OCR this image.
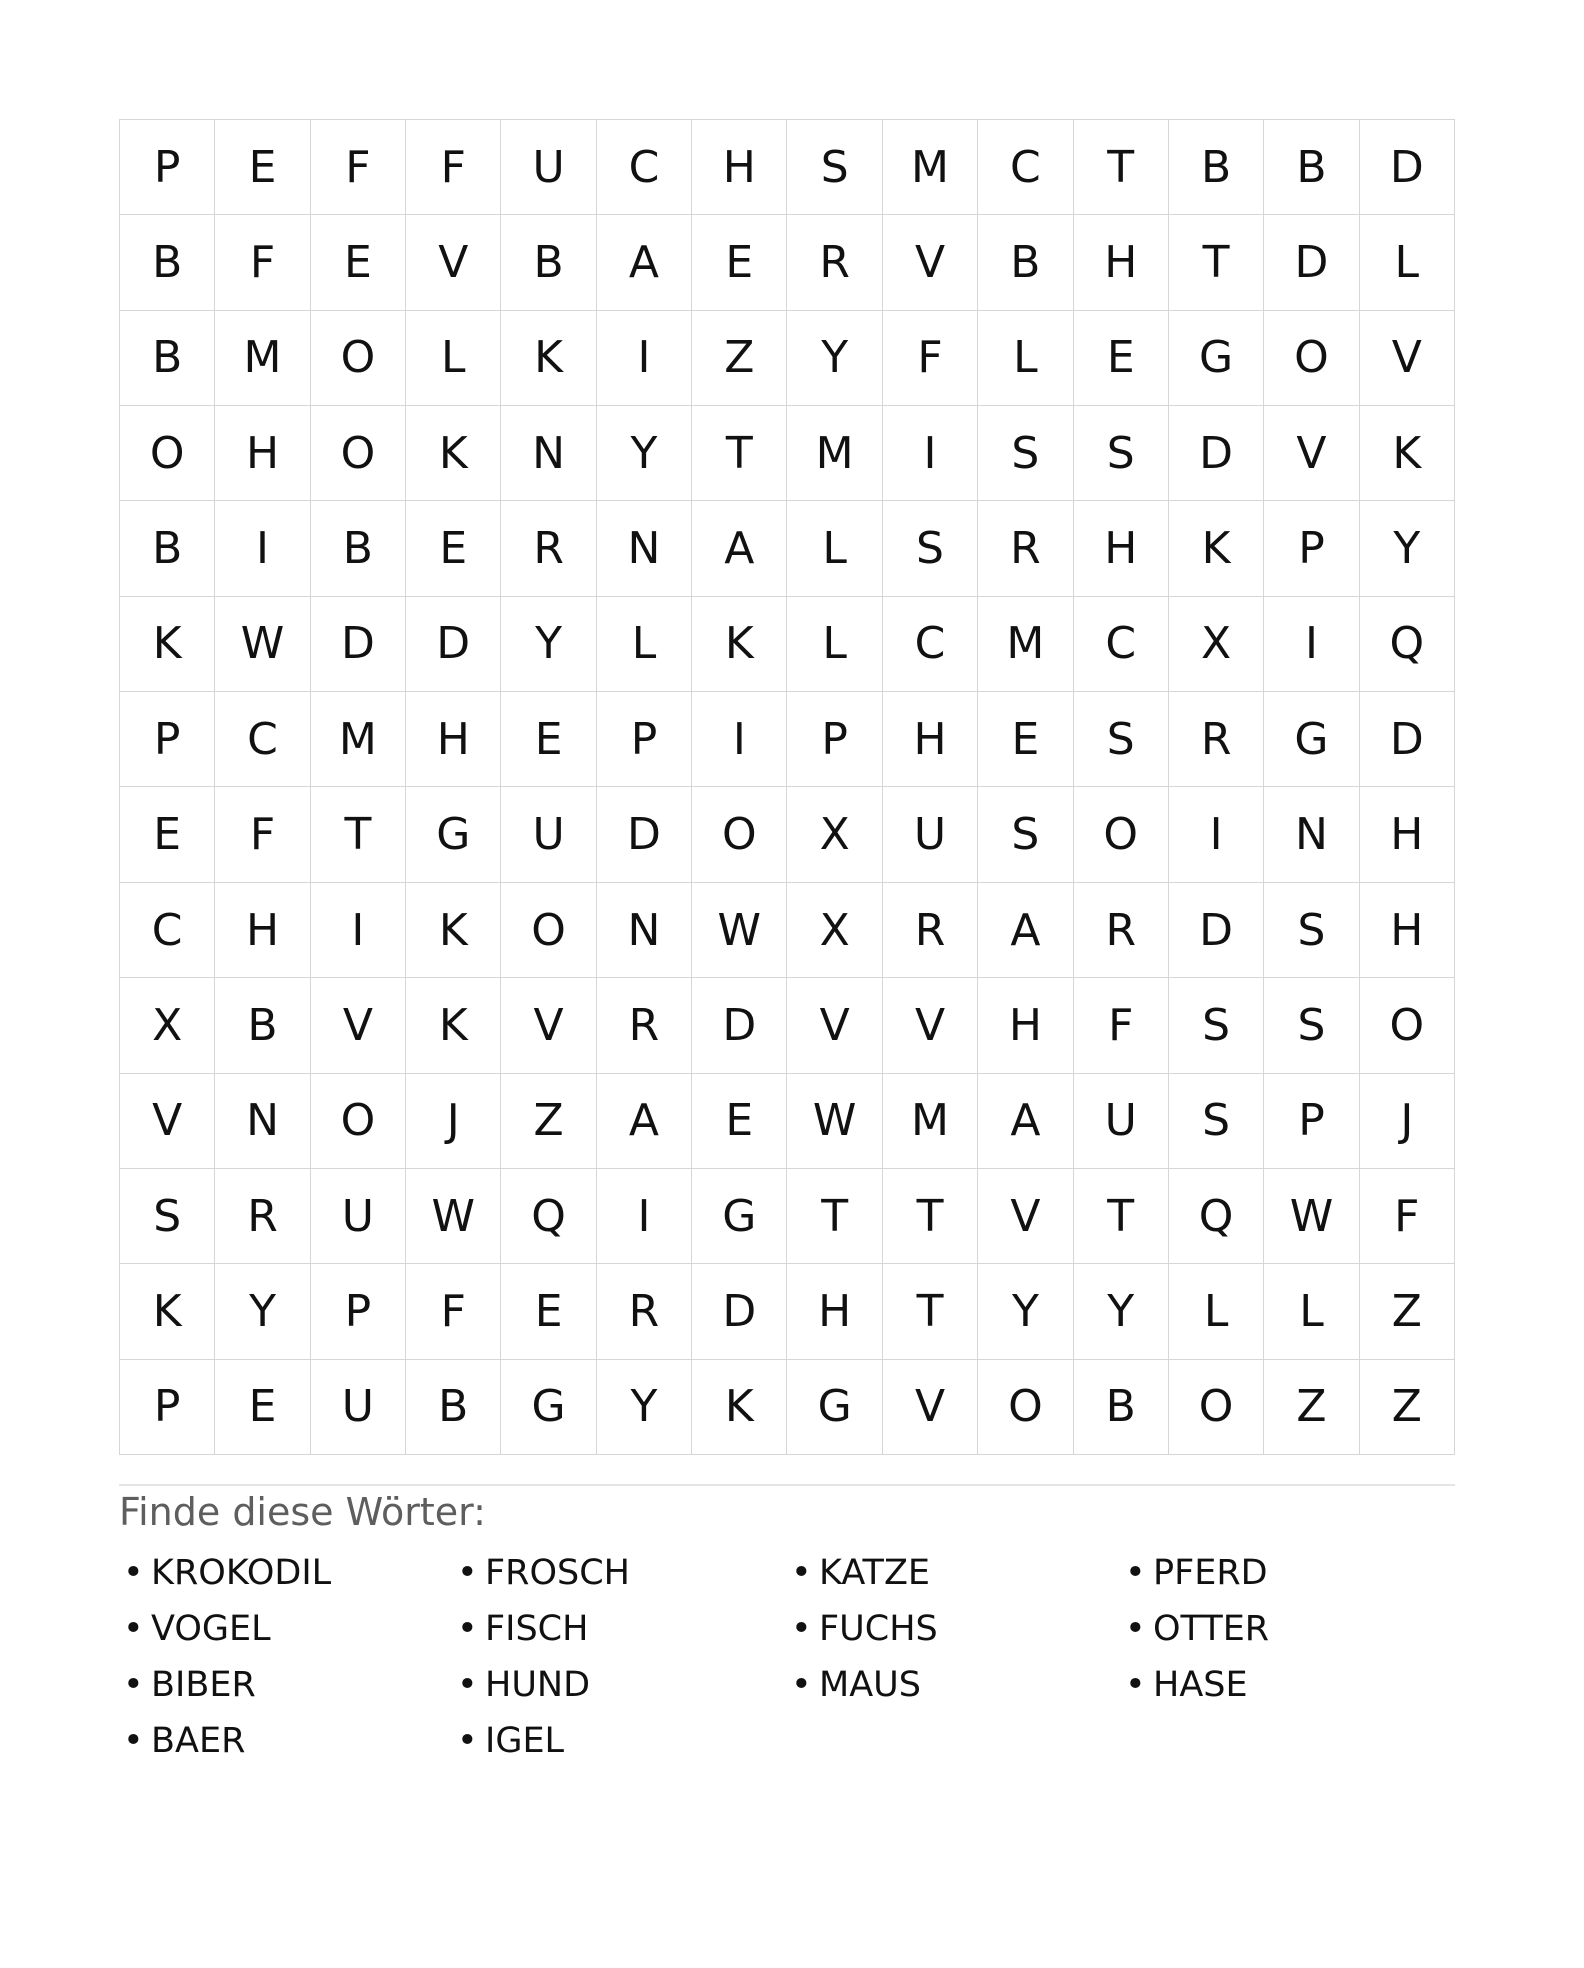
P	E	F	F	U	C	H	S	M	C	T	B	B	D
B	F	E	V	B	A	E	R	V	B	H	T	D	L
B	M	O	L	K	I	Z	Y	F	L	E	G	O	V
O	H	O	K	N	Y	T	M	I	S	S	D	V	K
B	I	B	E	R	N	A	L	S	R	H	K	P	Y
K	W	D	D	Y	L	K	L	C	M	C	X	I	Q
P	C	M	H	E	P	I	P	H	E	S	R	G	D
E	F	T	G	U	D	O	X	U	S	O	I	N	H
C	H	I	K	O	N	W	X	R	A	R	D	S	H
X	B	V	K	V	R	D	V	V	H	F	S	S	O
V	N	O	J	Z	A	E	W	M	A	U	S	P	J
S	R	U	W	Q	I	G	T	T	V	T	Q	W	F
K	Y	P	F	E	R	D	H	T	Y	Y	L	L	Z
P	E	U	B	G	Y	K	G	V	O	B	O	Z	Z
Finde diese Wörter:
• KROKODIL	• FROSCH	• KATZE	• PFERD
• VOGEL	• FISCH	• FUCHS	• OTTER
• BIBER	• HUND	• MAUS	• HASE
• BAER	• IGEL
